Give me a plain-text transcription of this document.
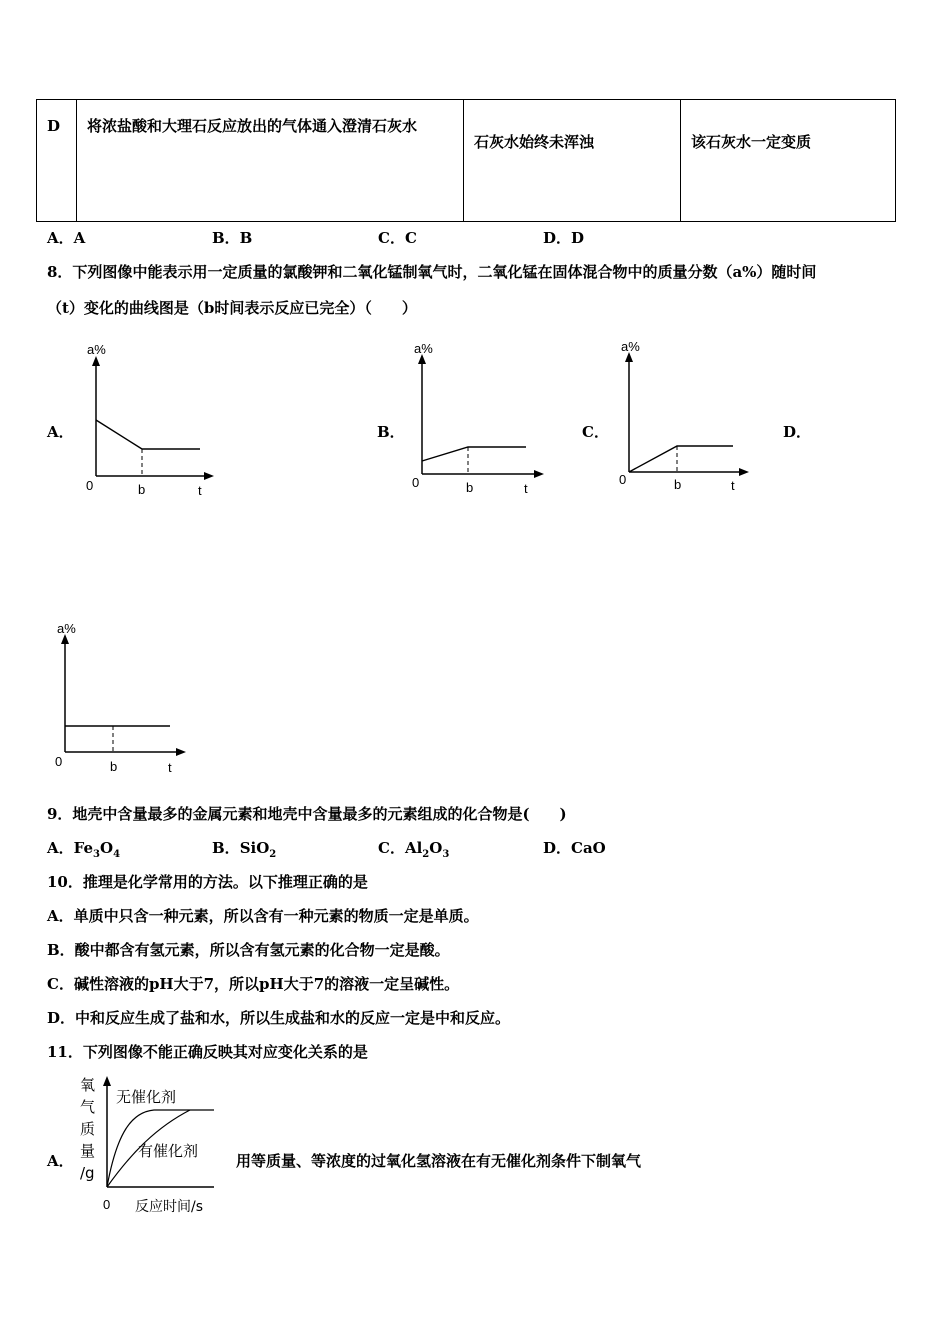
D	将浓盐酸和大理石反应放出的气体通入澄清石灰水	石灰水始终未浑浊	该石灰水一定变质
A．A	B．B	C．C	D．D
8．下列图像中能表示用一定质量的氯酸钾和二氧化锰制氧气时，二氧化锰在固体混合物中的质量分数（a%）随时间
（t）变化的曲线图是（b时间表示反应已完全）（　　）
A．	B．	C．	D．
a%
0	b	t
a%
0	b	t
a%
0	b	t
a%
0	b	t
9．地壳中含量最多的金属元素和地壳中含量最多的元素组成的化合物是(　　)
A．$Fe_3O_4$	B．SiO$_2$	C．$Al_2O_3$	D．CaO
10．推理是化学常用的方法。以下推理正确的是
A．单质中只含一种元素，所以含有一种元素的物质一定是单质。
B．酸中都含有氢元素，所以含有氢元素的化合物一定是酸。
C．碱性溶液的pH大于7，所以pH大于7的溶液一定呈碱性。
D．中和反应生成了盐和水，所以生成盐和水的反应一定是中和反应。
11．下列图像不能正确反映其对应变化关系的是
A．
氧
气
质
量
/g
无催化剂
有催化剂
0 反应时间/s
用等质量、等浓度的过氧化氢溶液在有无催化剂条件下制氧气
